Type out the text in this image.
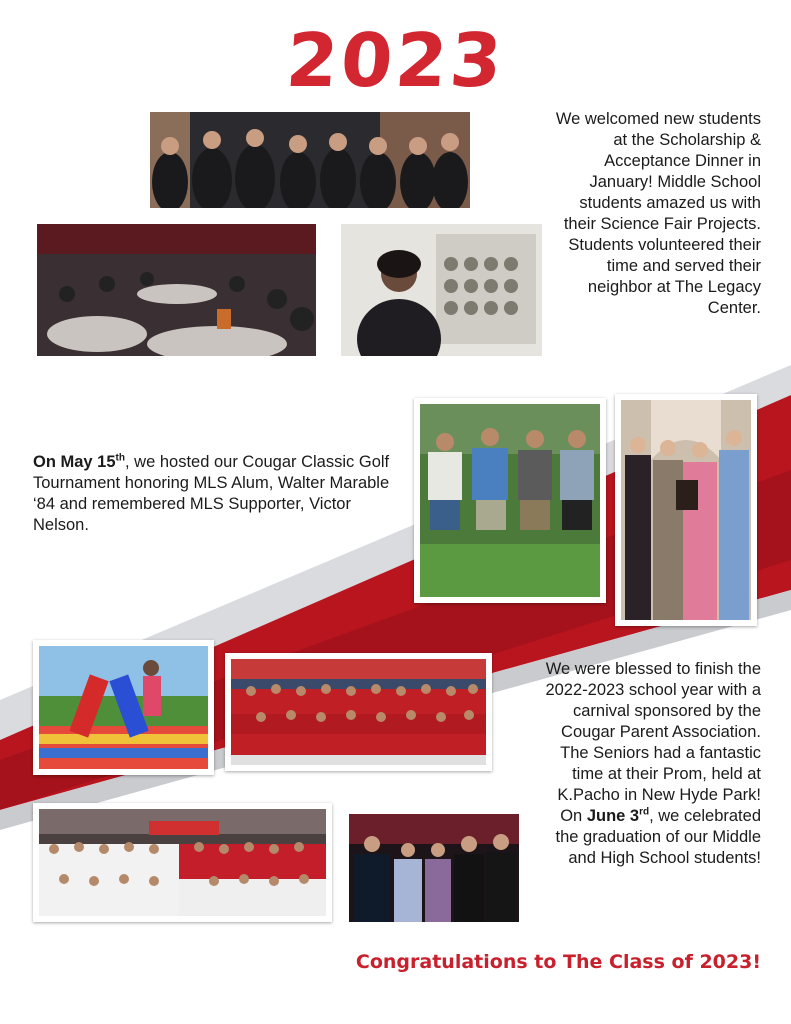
2023
We welcomed new students at the Scholarship & Acceptance Dinner in January! Middle School students amazed us with their Science Fair Projects. Students volunteered their time and served their neighbor at The Legacy Center.
On May 15th, we hosted our Cougar Classic Golf Tournament honoring MLS Alum, Walter Marable ‘84 and remembered MLS Supporter, Victor Nelson.
We were blessed to finish the 2022-2023 school year with a carnival sponsored by the Cougar Parent Association. The Seniors had a fantastic time at their Prom, held at K.Pacho in New Hyde Park! On June 3rd, we celebrated the graduation of our Middle and High School students!
Congratulations to The Class of 2023!
